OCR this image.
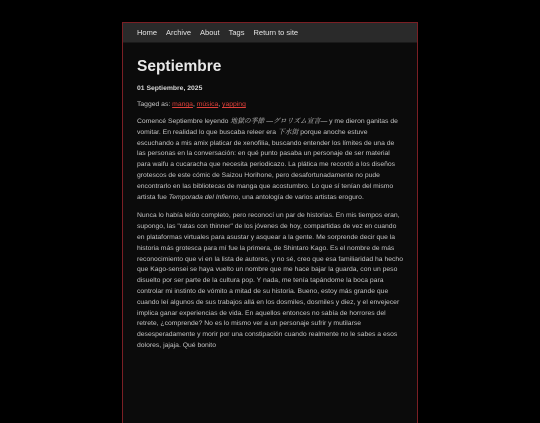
Home Archive About Tags Return to site
Septiembre
01 Septiembre, 2025
Tagged as: manga, música, yapping

Comencé Septiembre leyendo 地獄の季節 ―グロリズム宣言― y me dieron ganitas de vomitar. En realidad lo que buscaba releer era 下水街 porque anoche estuve escuchando a mis amix platicar de xenofilia, buscando entender los límites de una de las personas en la conversación: en qué punto pasaba un personaje de ser material para waifu a cucaracha que necesita periodicazo. La plática me recordó a los diseños grotescos de este cómic de Saizou Horihone, pero desafortunadamente no pude encontrarlo en las bibliotecas de manga que acostumbro. Lo que sí tenían del mismo artista fue Temporada del Infierno, una antología de varios artistas eroguro.

Nunca lo había leído completo, pero reconocí un par de historias. En mis tiempos eran, supongo, las "ratas con thinner" de los jóvenes de hoy, compartidas de vez en cuando en plataformas virtuales para asustar y asquear a la gente. Me sorprende decir que la historia más grotesca para mí fue la primera, de Shintaro Kago. Es el nombre de más reconocimiento que vi en la lista de autores, y no sé, creo que esa familiaridad ha hecho que Kago-sensei se haya vuelto un nombre que me hace bajar la guarda, con un peso disuelto por ser parte de la cultura pop. Y nada, me tenía tapándome la boca para controlar mi instinto de vómito a mitad de su historia. Bueno, estoy más grande que cuando leí algunos de sus trabajos allá en los dosmiles, dosmiles y diez, y el envejecer implica ganar experiencias de vida. En aquellos entonces no sabía de horrores del retrete, ¿comprende? No es lo mismo ver a un personaje sufrir y mutilarse desesperadamente y morir por una constipación cuando realmente no le sabes a esos dolores, jajaja. Qué bonito
